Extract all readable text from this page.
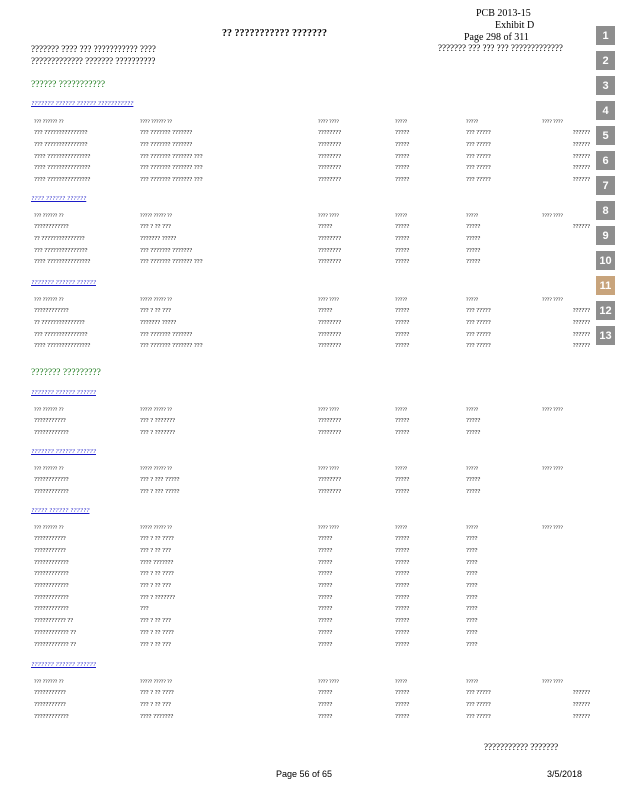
PCB 2013-15
Exhibit D
Page 298 of 311
?? ??????????? ???????
??????? ???? ??? ??????????? ????
????????????? ??????? ??????????
??????? ??? ??? ??? ?????????????
1
2
3
4
5
6
7
8
9
10
11
12
13
?????? ???????????
??????? ?????? ?????? ???????????
??? ?????? ??	???? ?????? ??	???? ????	?????	?????	???? ????
??? ???????????????	??? ??????? ???????	????????	?????	??? ?????	??????
??? ???????????????	??? ??????? ???????	????????	?????	??? ?????	??????
???? ???????????????	??? ??????? ??????? ???	????????	?????	??? ?????	??????
???? ???????????????	??? ??????? ??????? ???	????????	?????	??? ?????	??????
???? ???????????????	??? ??????? ??????? ???	????????	?????	??? ?????	??????
???? ?????? ??????
??? ?????? ??	????? ????? ??	???? ????	?????	?????	???? ????
????????????	??? ? ?? ???	?????	?????	?????	??????
?? ???????????????	??????? ?????	????????	?????	?????	
??? ???????????????	??? ??????? ???????	????????	?????	?????	
???? ???????????????	??? ??????? ??????? ???	????????	?????	?????	
??????? ?????? ??????
??? ?????? ??	????? ????? ??	???? ????	?????	?????	???? ????
????????????	??? ? ?? ???	?????	?????	??? ?????	??????
?? ???????????????	??????? ?????	????????	?????	??? ?????	??????
??? ???????????????	??? ??????? ???????	????????	?????	??? ?????	??????
???? ???????????????	??? ??????? ??????? ???	????????	?????	??? ?????	??????
??????? ?????????
??????? ?????? ??????
??? ?????? ??	????? ????? ??	???? ????	?????	?????	???? ????
???????????	??? ? ???????	????????	?????	?????	
????????????	??? ? ???????	????????	?????	?????	
??????? ?????? ??????
??? ?????? ??	????? ????? ??	???? ????	?????	?????	???? ????
????????????	??? ? ??? ?????	????????	?????	?????	
????????????	??? ? ??? ?????	????????	?????	?????	
????? ?????? ??????
??? ?????? ??	????? ????? ??	???? ????	?????	?????	???? ????
???????????	??? ? ?? ????	?????	?????	????	
???????????	??? ? ?? ???	?????	?????	????	
????????????	???? ???????	?????	?????	????	
????????????	??? ? ?? ????	?????	?????	????	
????????????	??? ? ?? ???	?????	?????	????	
????????????	??? ? ???????	?????	?????	????	
????????????	???	?????	?????	????	
??????????? ??	??? ? ?? ???	?????	?????	????	
???????????? ??	??? ? ?? ????	?????	?????	????	
???????????? ??	??? ? ?? ???	?????	?????	????	
??????? ?????? ??????
??? ?????? ??	????? ????? ??	???? ????	?????	?????	???? ????
???????????	??? ? ?? ????	?????	?????	??? ?????	??????
???????????	??? ? ?? ???	?????	?????	??? ?????	??????
????????????	???? ???????	?????	?????	??? ?????	??????
??????????? ???????
Page 56 of 65	3/5/2018
